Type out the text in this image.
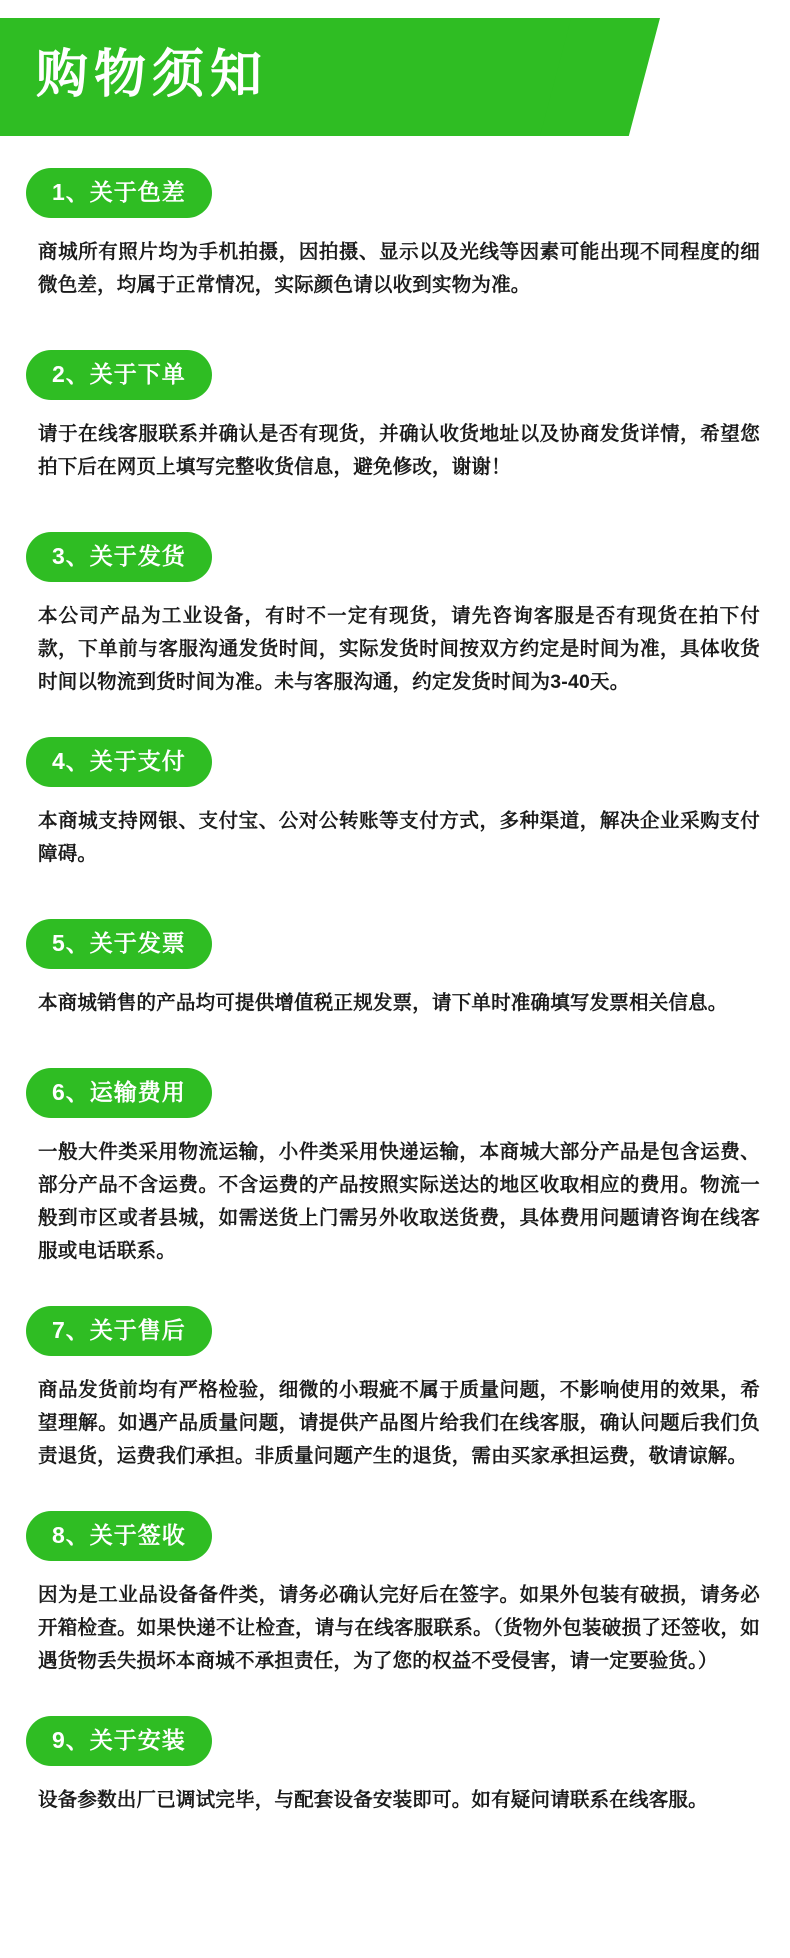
购物须知
1、关于色差
商城所有照片均为手机拍摄，因拍摄、显示以及光线等因素可能出现不同程度的细微色差，均属于正常情况，实际颜色请以收到实物为准。
2、关于下单
请于在线客服联系并确认是否有现货，并确认收货地址以及协商发货详情，希望您拍下后在网页上填写完整收货信息，避免修改，谢谢！
3、关于发货
本公司产品为工业设备，有时不一定有现货，请先咨询客服是否有现货在拍下付款，下单前与客服沟通发货时间，实际发货时间按双方约定是时间为准，具体收货时间以物流到货时间为准。未与客服沟通，约定发货时间为3-40天。
4、关于支付
本商城支持网银、支付宝、公对公转账等支付方式，多种渠道，解决企业采购支付障碍。
5、关于发票
本商城销售的产品均可提供增值税正规发票，请下单时准确填写发票相关信息。
6、运输费用
一般大件类采用物流运输，小件类采用快递运输，本商城大部分产品是包含运费、部分产品不含运费。不含运费的产品按照实际送达的地区收取相应的费用。物流一般到市区或者县城，如需送货上门需另外收取送货费，具体费用问题请咨询在线客服或电话联系。
7、关于售后
商品发货前均有严格检验，细微的小瑕疵不属于质量问题，不影响使用的效果，希望理解。如遇产品质量问题，请提供产品图片给我们在线客服，确认问题后我们负责退货，运费我们承担。非质量问题产生的退货，需由买家承担运费，敬请谅解。
8、关于签收
因为是工业品设备备件类，请务必确认完好后在签字。如果外包装有破损，请务必开箱检查。如果快递不让检查，请与在线客服联系。（货物外包装破损了还签收，如遇货物丢失损坏本商城不承担责任，为了您的权益不受侵害，请一定要验货。）
9、关于安装
设备参数出厂已调试完毕，与配套设备安装即可。如有疑问请联系在线客服。
